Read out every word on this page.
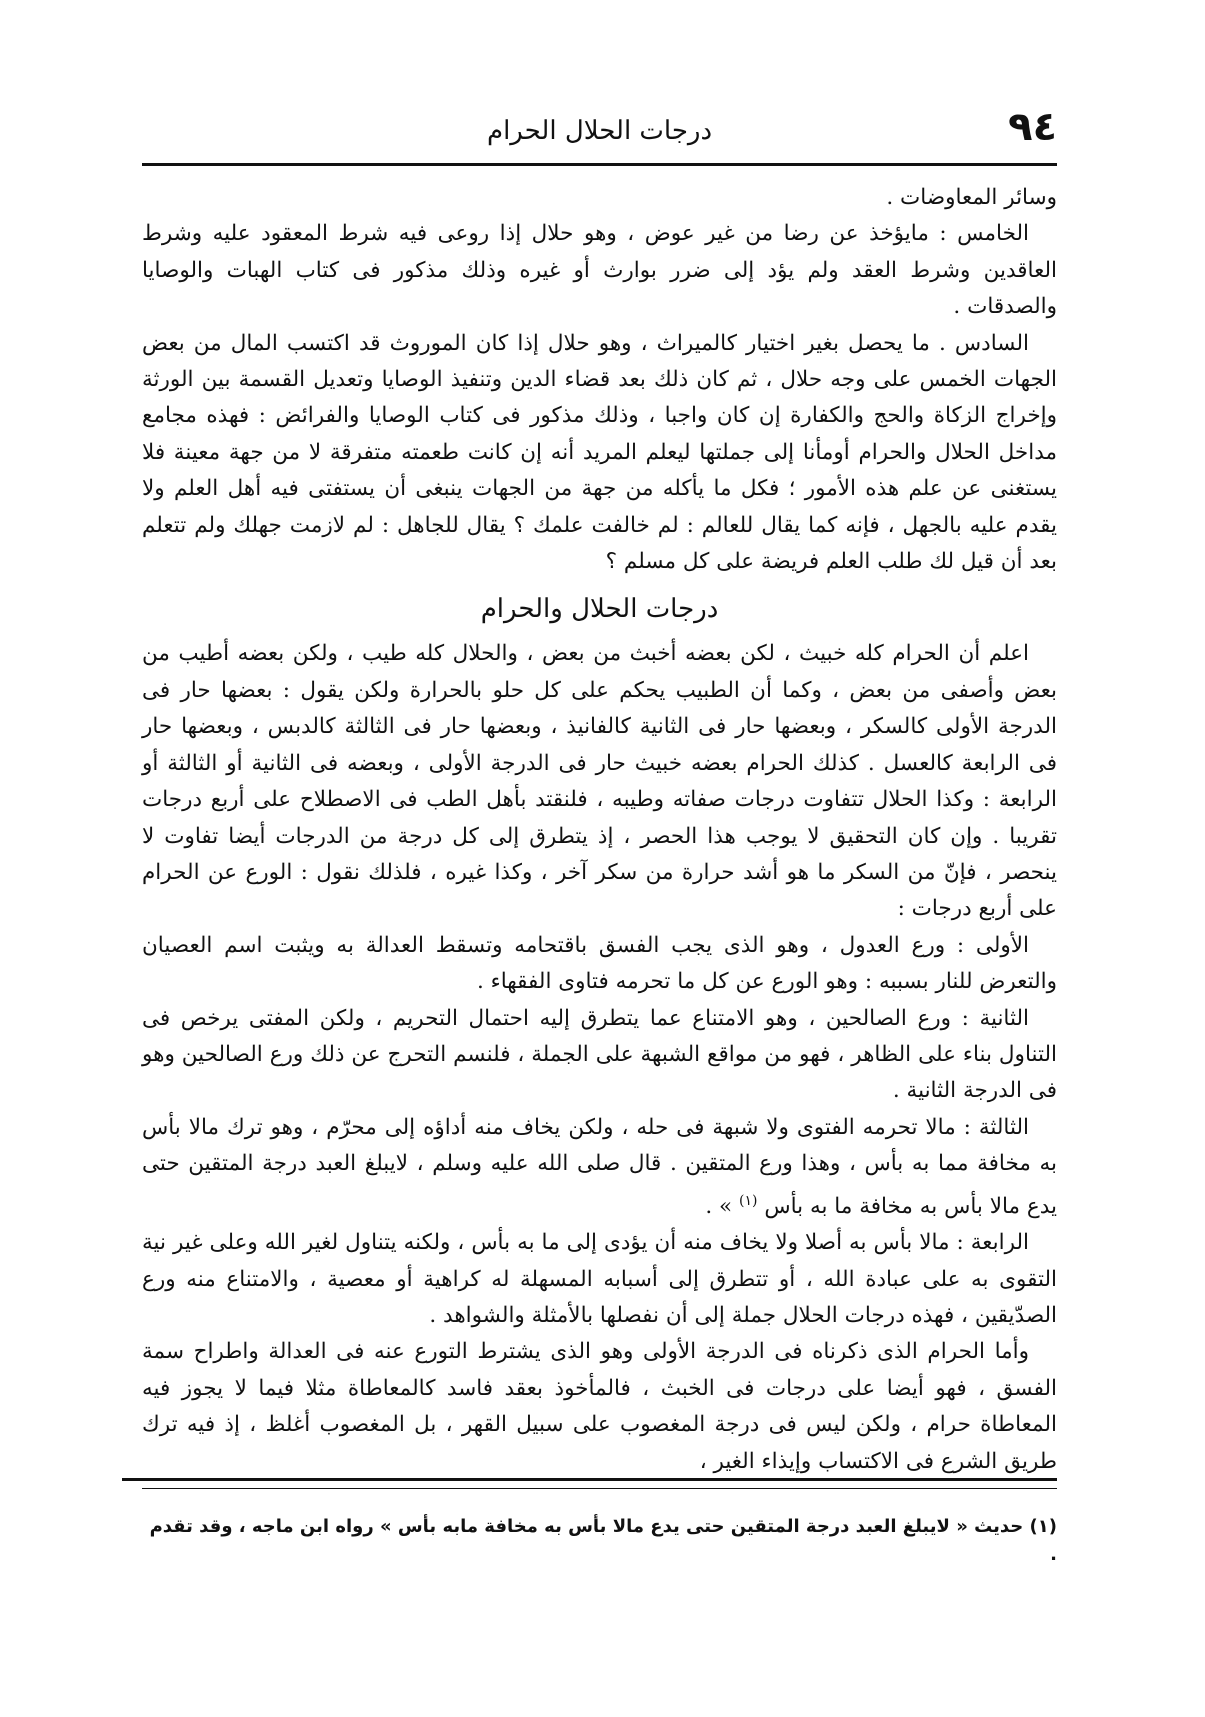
٩٤
درجات الحلال الحرام

وسائر المعاوضات .

الخامس : مايؤخذ عن رضا من غير عوض ، وهو حلال إذا روعى فيه شرط المعقود عليه وشرط العاقدين وشرط العقد ولم يؤد إلى ضرر بوارث أو غيره وذلك مذكور فى كتاب الهبات والوصايا والصدقات .

السادس . ما يحصل بغير اختيار كالميراث ، وهو حلال إذا كان الموروث قد اكتسب المال من بعض الجهات الخمس على وجه حلال ، ثم كان ذلك بعد قضاء الدين وتنفيذ الوصايا وتعديل القسمة بين الورثة وإخراج الزكاة والحج والكفارة إن كان واجبا ، وذلك مذكور فى كتاب الوصايا والفرائض : فهذه مجامع مداخل الحلال والحرام أومأنا إلى جملتها ليعلم المريد أنه إن كانت طعمته متفرقة لا من جهة معينة فلا يستغنى عن علم هذه الأمور ؛ فكل ما يأكله من جهة من الجهات ينبغى أن يستفتى فيه أهل العلم ولا يقدم عليه بالجهل ، فإنه كما يقال للعالم : لم خالفت علمك ؟ يقال للجاهل : لم لازمت جهلك ولم تتعلم بعد أن قيل لك طلب العلم فريضة على كل مسلم ؟

درجات الحلال والحرام

اعلم أن الحرام كله خبيث ، لكن بعضه أخبث من بعض ، والحلال كله طيب ، ولكن بعضه أطيب من بعض وأصفى من بعض ، وكما أن الطبيب يحكم على كل حلو بالحرارة ولكن يقول : بعضها حار فى الدرجة الأولى كالسكر ، وبعضها حار فى الثانية كالفانيذ ، وبعضها حار فى الثالثة كالدبس ، وبعضها حار فى الرابعة كالعسل . كذلك الحرام بعضه خبيث حار فى الدرجة الأولى ، وبعضه فى الثانية أو الثالثة أو الرابعة : وكذا الحلال تتفاوت درجات صفاته وطيبه ، فلنقتد بأهل الطب فى الاصطلاح على أربع درجات تقريبا . وإن كان التحقيق لا يوجب هذا الحصر ، إذ يتطرق إلى كل درجة من الدرجات أيضا تفاوت لا ينحصر ، فإنّ من السكر ما هو أشد حرارة من سكر آخر ، وكذا غيره ، فلذلك نقول : الورع عن الحرام على أربع درجات :

الأولى : ورع العدول ، وهو الذى يجب الفسق باقتحامه وتسقط العدالة به ويثبت اسم العصيان والتعرض للنار بسببه : وهو الورع عن كل ما تحرمه فتاوى الفقهاء .

الثانية : ورع الصالحين ، وهو الامتناع عما يتطرق إليه احتمال التحريم ، ولكن المفتى يرخص فى التناول بناء على الظاهر ، فهو من مواقع الشبهة على الجملة ، فلنسم التحرج عن ذلك ورع الصالحين وهو فى الدرجة الثانية .

الثالثة : مالا تحرمه الفتوى ولا شبهة فى حله ، ولكن يخاف منه أداؤه إلى محرّم ، وهو ترك مالا بأس به مخافة مما به بأس ، وهذا ورع المتقين . قال صلى الله عليه وسلم ، لايبلغ العبد درجة المتقين حتى يدع مالا بأس به مخافة ما به بأس $^{(١)}$ » .

الرابعة : مالا بأس به أصلا ولا يخاف منه أن يؤدى إلى ما به بأس ، ولكنه يتناول لغير الله وعلى غير نية التقوى به على عبادة الله ، أو تتطرق إلى أسبابه المسهلة له كراهية أو معصية ، والامتناع منه ورع الصدّيقين ، فهذه درجات الحلال جملة إلى أن نفصلها بالأمثلة والشواهد .

وأما الحرام الذى ذكرناه فى الدرجة الأولى وهو الذى يشترط التورع عنه فى العدالة واطراح سمة الفسق ، فهو أيضا على درجات فى الخبث ، فالمأخوذ بعقد فاسد كالمعاطاة مثلا فيما لا يجوز فيه المعاطاة حرام ، ولكن ليس فى درجة المغصوب على سبيل القهر ، بل المغصوب أغلظ ، إذ فيه ترك طريق الشرع فى الاكتساب وإيذاء الغير ،

(١) حديث « لايبلغ العبد درجة المتقين حتى يدع مالا بأس به مخافة مابه بأس » رواه ابن ماجه ، وقد تقدم .
